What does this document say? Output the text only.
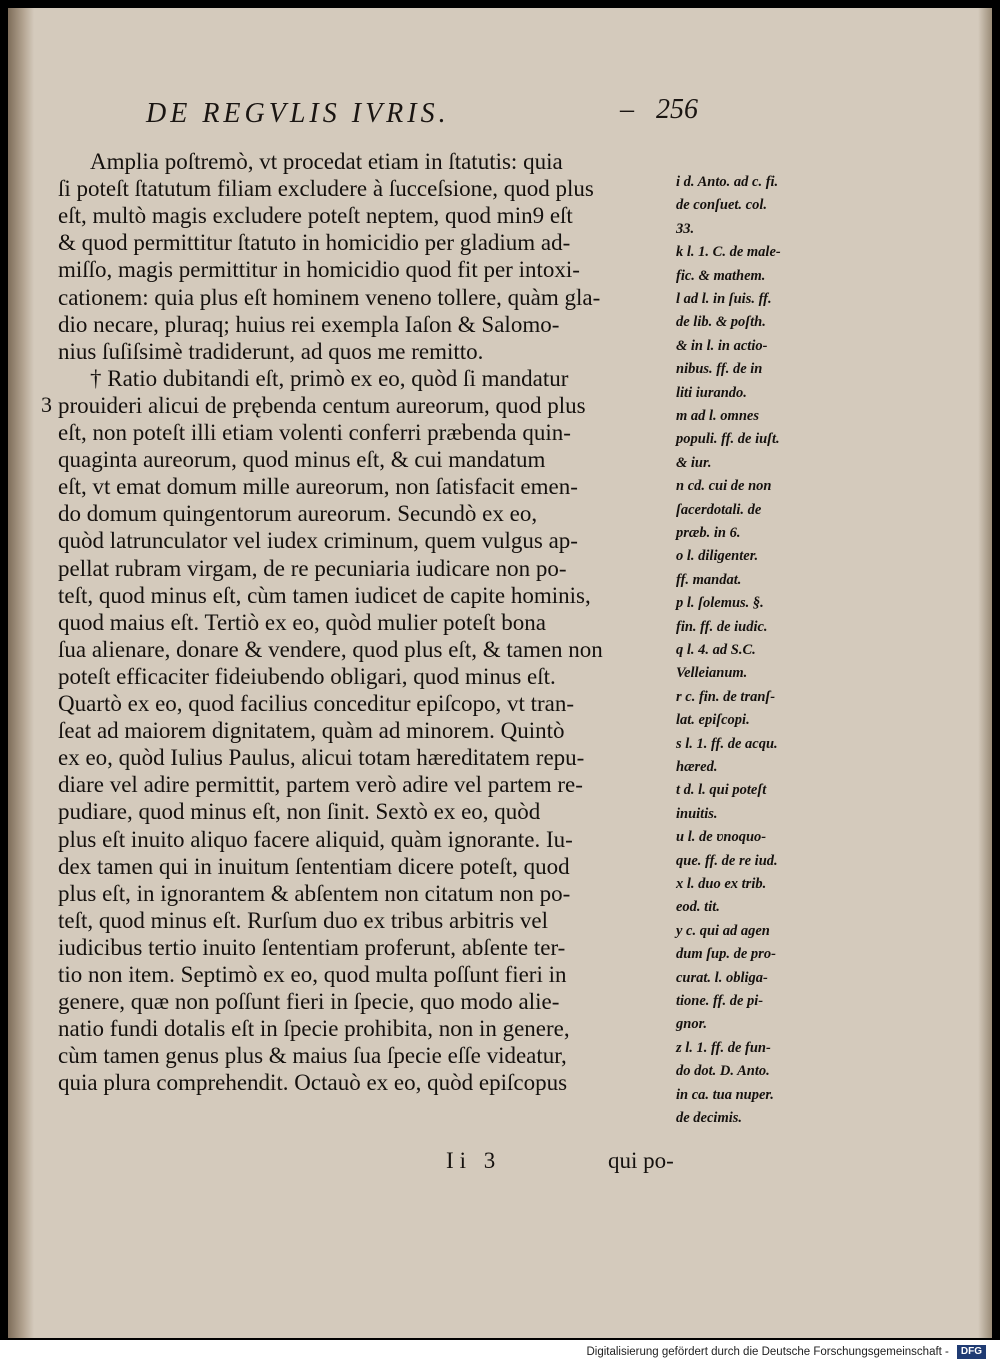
DE REGVLIS IVRIS.	– 256
3
Amplia poſtremò, vt procedat etiam in ſtatutis: quia
ſi poteſt ſtatutum filiam excludere à ſucceſsione, quod plus
eſt, multò magis excludere poteſt neptem, quod min9 eſt
& quod permittitur ſtatuto in homicidio per gladium ad-
miſſo, magis permittitur in homicidio quod fit per intoxi-
cationem: quia plus eſt hominem veneno tollere, quàm gla-
dio necare, pluraq; huius rei exempla Iaſon & Salomo-
nius ſuſiſsimè tradiderunt, ad quos me remitto.
† Ratio dubitandi eſt, primò ex eo, quòd ſi mandatur
prouideri alicui de prębenda centum aureorum, quod plus
eſt, non poteſt illi etiam volenti conferri præbenda quin-
quaginta aureorum, quod minus eſt, & cui mandatum
eſt, vt emat domum mille aureorum, non ſatisfacit emen-
do domum quingentorum aureorum. Secundò ex eo,
quòd latrunculator vel iudex criminum, quem vulgus ap-
pellat rubram virgam, de re pecuniaria iudicare non po-
teſt, quod minus eſt, cùm tamen iudicet de capite hominis,
quod maius eſt. Tertiò ex eo, quòd mulier poteſt bona
ſua alienare, donare & vendere, quod plus eſt, & tamen non
poteſt efficaciter fideiubendo obligari, quod minus eſt.
Quartò ex eo, quod facilius conceditur epiſcopo, vt tran-
ſeat ad maiorem dignitatem, quàm ad minorem. Quintò
ex eo, quòd Iulius Paulus, alicui totam hæreditatem repu-
diare vel adire permittit, partem verò adire vel partem re-
pudiare, quod minus eſt, non ſinit. Sextò ex eo, quòd
plus eſt inuito aliquo facere aliquid, quàm ignorante. Iu-
dex tamen qui in inuitum ſententiam dicere poteſt, quod
plus eſt, in ignorantem & abſentem non citatum non po-
teſt, quod minus eſt. Rurſum duo ex tribus arbitris vel
iudicibus tertio inuito ſententiam proferunt, abſente ter-
tio non item. Septimò ex eo, quod multa poſſunt fieri in
genere, quæ non poſſunt fieri in ſpecie, quo modo alie-
natio fundi dotalis eſt in ſpecie prohibita, non in genere,
cùm tamen genus plus & maius ſua ſpecie eſſe videatur,
quia plura comprehendit. Octauò ex eo, quòd epiſcopus
i d. Anto. ad c. fi.
de conſuet. col.
33.
k l. 1. C. de male-
fic. & mathem.
l ad l. in ſuis. ff.
de lib. & poſth.
& in l. in actio-
nibus. ff. de in
liti iurando.
m ad l. omnes
populi. ff. de iuſt.
& iur.
n cd. cui de non
ſacerdotali. de
præb. in 6.
o l. diligenter.
ff. mandat.
p l. ſolemus. §.
fin. ff. de iudic.
q l. 4. ad S.C.
Velleianum.
r c. fin. de tranſ-
lat. epiſcopi.
s l. 1. ff. de acqu.
hæred.
t d. l. qui poteſt
inuitis.
u l. de ʋnoquo-
que. ff. de re iud.
x l. duo ex trib.
eod. tit.
y c. qui ad agen
dum ſup. de pro-
curat. l. obliga-
tione. ff. de pi-
gnor.
z l. 1. ff. de fun-
do dot. D. Anto.
in ca. tua nuper.
de decimis.
Ii 3	qui po-
Digitalisierung gefördert durch die Deutsche Forschungsgemeinschaft - DFG
